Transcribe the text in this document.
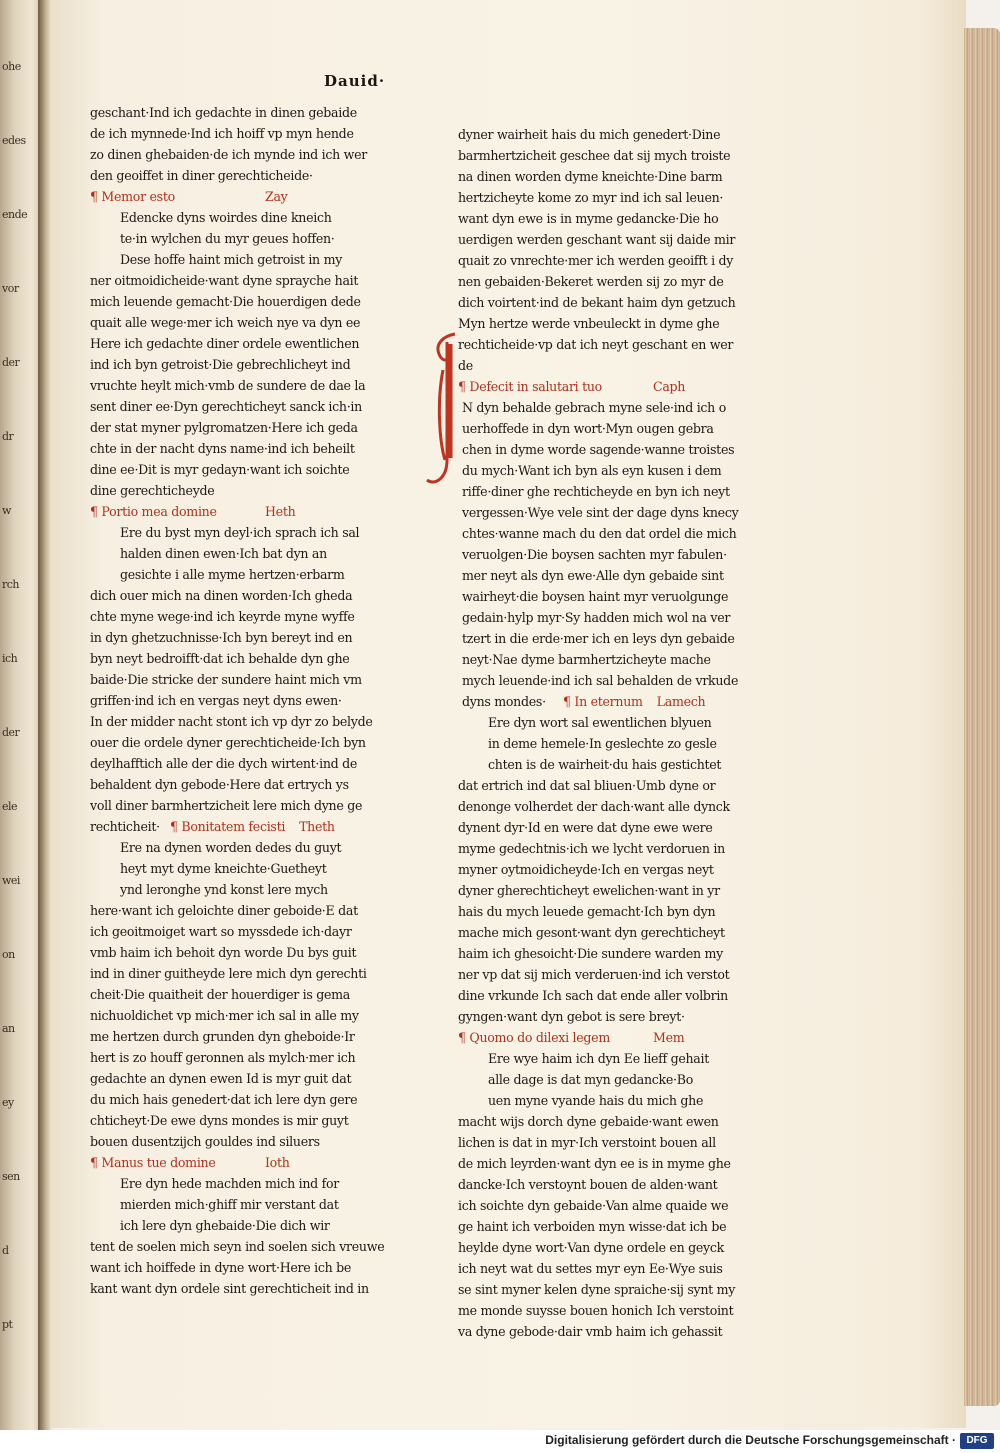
ohe
edes
ende
vor
der
dr
w
rch
ich
der
ele
wei
on
an
ey
sen
d
pt
Dauid·
geschant·Ind ich gedachte in dinen gebaide
de ich mynnede·Ind ich hoiff vp myn hende
zo dinen ghebaiden·de ich mynde ind ich wer
den geoiffet in diner gerechticheide·
¶ Memor esto	Zay
Edencke dyns woirdes dine kneich
te·in wylchen du myr geues hoffen·
Dese hoffe haint mich getroist in my
ner oitmoidicheide·want dyne sprayche hait
mich leuende gemacht·Die houerdigen dede
quait alle wege·mer ich weich nye va dyn ee
Here ich gedachte diner ordele ewentlichen
ind ich byn getroist·Die gebrechlicheyt ind
vruchte heylt mich·vmb de sundere de dae la
sent diner ee·Dyn gerechticheyt sanck ich·in
der stat myner pylgromatzen·Here ich geda
chte in der nacht dyns name·ind ich beheilt
dine ee·Dit is myr gedayn·want ich soichte
dine gerechticheyde
¶ Portio mea domine	Heth
Ere du byst myn deyl·ich sprach ich sal
halden dinen ewen·Ich bat dyn an
gesichte i alle myme hertzen·erbarm
dich ouer mich na dinen worden·Ich gheda
chte myne wege·ind ich keyrde myne wyffe
in dyn ghetzuchnisse·Ich byn bereyt ind en
byn neyt bedroifft·dat ich behalde dyn ghe
baide·Die stricke der sundere haint mich vm
griffen·ind ich en vergas neyt dyns ewen·
In der midder nacht stont ich vp dyr zo belyde
ouer die ordele dyner gerechticheide·Ich byn
deylhafftich alle der die dych wirtent·ind de
behaldent dyn gebode·Here dat ertrych ys
voll diner barmhertzicheit lere mich dyne ge
rechticheit· ¶ Bonitatem fecisti Theth
Ere na dynen worden dedes du guyt
heyt myt dyme kneichte·Guetheyt
ynd leronghe ynd konst lere mych
here·want ich geloichte diner geboide·E dat
ich geoitmoiget wart so myssdede ich·dayr
vmb haim ich behoit dyn worde Du bys guit
ind in diner guitheyde lere mich dyn gerechti
cheit·Die quaitheit der houerdiger is gema
nichuoldichet vp mich·mer ich sal in alle my
me hertzen durch grunden dyn gheboide·Ir
hert is zo houff geronnen als mylch·mer ich
gedachte an dynen ewen Id is myr guit dat
du mich hais genedert·dat ich lere dyn gere
chticheyt·De ewe dyns mondes is mir guyt
bouen dusentzijch gouldes ind siluers
¶ Manus tue domine	Ioth
Ere dyn hede machden mich ind for
mierden mich·ghiff mir verstant dat
ich lere dyn ghebaide·Die dich wir
tent de soelen mich seyn ind soelen sich vreuwe
want ich hoiffede in dyne wort·Here ich be
kant want dyn ordele sint gerechticheit ind in
dyner wairheit hais du mich genedert·Dine
barmhertzicheit geschee dat sij mych troiste
na dinen worden dyme kneichte·Dine barm
hertzicheyte kome zo myr ind ich sal leuen·
want dyn ewe is in myme gedancke·Die ho
uerdigen werden geschant want sij daide mir
quait zo vnrechte·mer ich werden geoifft i dy
nen gebaiden·Bekeret werden sij zo myr de
dich voirtent·ind de bekant haim dyn getzuch
Myn hertze werde vnbeuleckt in dyme ghe
rechticheide·vp dat ich neyt geschant en wer
de
¶ Defecit in salutari tuo	Caph
N dyn behalde gebrach myne sele·ind ich o
uerhoffede in dyn wort·Myn ougen gebra
chen in dyme worde sagende·wanne troistes
du mych·Want ich byn als eyn kusen i dem
riffe·diner ghe rechticheyde en byn ich neyt
vergessen·Wye vele sint der dage dyns knecy
chtes·wanne mach du den dat ordel die mich
veruolgen·Die boysen sachten myr fabulen·
mer neyt als dyn ewe·Alle dyn gebaide sint
wairheyt·die boysen haint myr veruolgunge
gedain·hylp myr·Sy hadden mich wol na ver
tzert in die erde·mer ich en leys dyn gebaide
neyt·Nae dyme barmhertzicheyte mache
mych leuende·ind ich sal behalden de vrkude
dyns mondes·	¶ In eternum Lamech
Ere dyn wort sal ewentlichen blyuen
in deme hemele·In geslechte zo gesle
chten is de wairheit·du hais gestichtet
dat ertrich ind dat sal bliuen·Umb dyne or
denonge volherdet der dach·want alle dynck
dynent dyr·Id en were dat dyne ewe were
myme gedechtnis·ich we lycht verdoruen in
myner oytmoidicheyde·Ich en vergas neyt
dyner gherechticheyt ewelichen·want in yr
hais du mych leuede gemacht·Ich byn dyn
mache mich gesont·want dyn gerechticheyt
haim ich ghesoicht·Die sundere warden my
ner vp dat sij mich verderuen·ind ich verstot
dine vrkunde Ich sach dat ende aller volbrin
gyngen·want dyn gebot is sere breyt·
¶ Quomo do dilexi legem	Mem
Ere wye haim ich dyn Ee lieff gehait
alle dage is dat myn gedancke·Bo
uen myne vyande hais du mich ghe
macht wijs dorch dyne gebaide·want ewen
lichen is dat in myr·Ich verstoint bouen all
de mich leyrden·want dyn ee is in myme ghe
dancke·Ich verstoynt bouen de alden·want
ich soichte dyn gebaide·Van alme quaide we
ge haint ich verboiden myn wisse·dat ich be
heylde dyne wort·Van dyne ordele en geyck
ich neyt wat du settes myr eyn Ee·Wye suis
se sint myner kelen dyne spraiche·sij synt my
me monde suysse bouen honich Ich verstoint
va dyne gebode·dair vmb haim ich gehassit
Digitalisierung gefördert durch die Deutsche Forschungsgemeinschaft ·	DFG
